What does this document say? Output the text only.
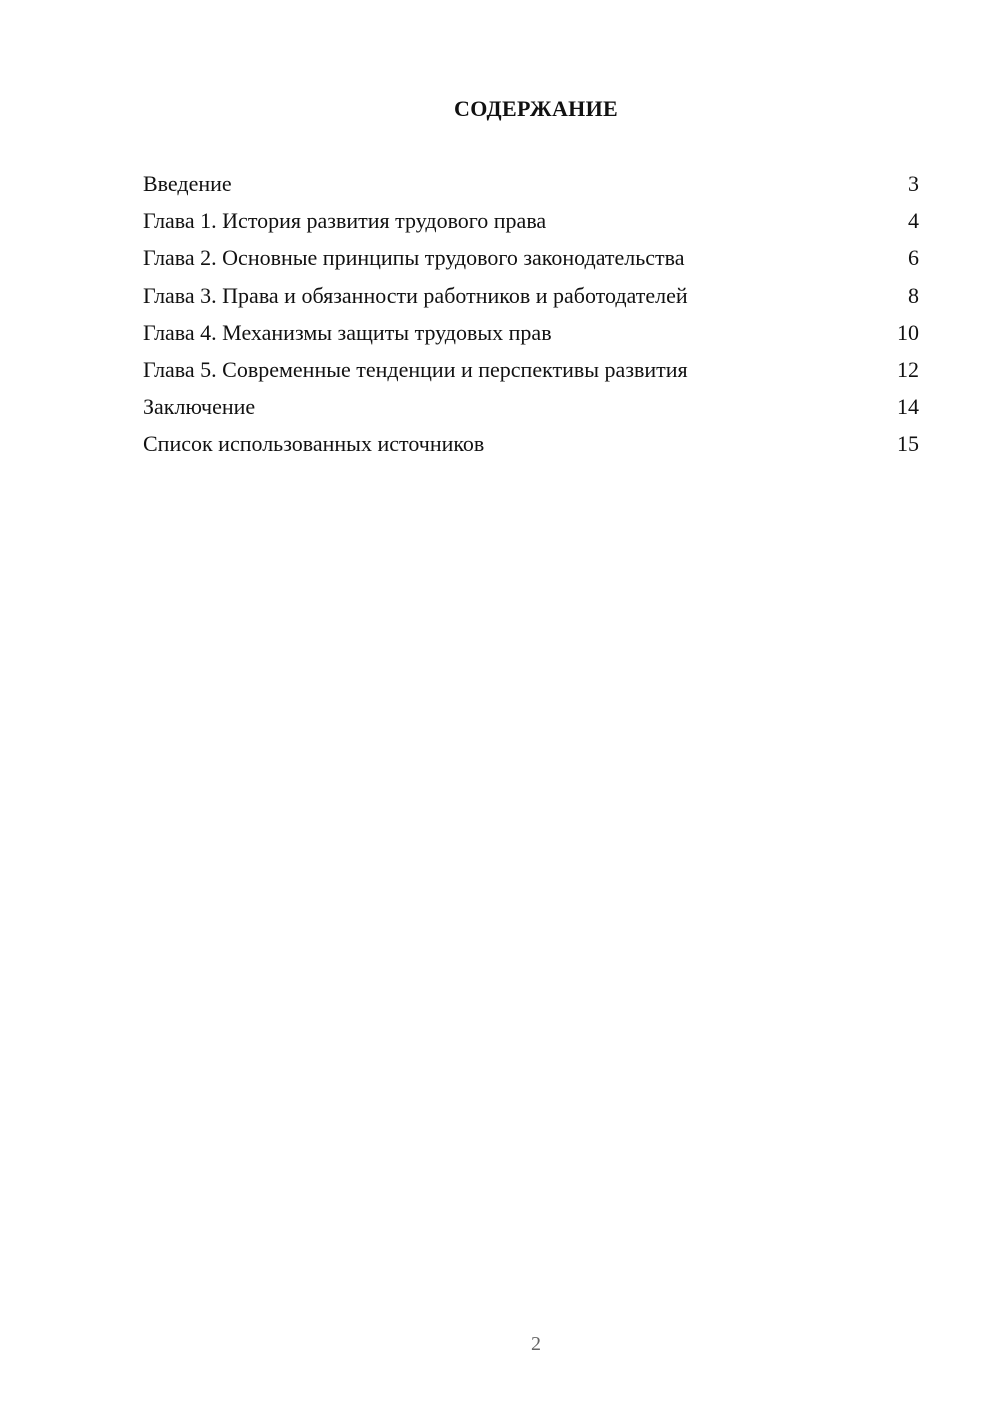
СОДЕРЖАНИЕ
Введение	3
Глава 1. История развития трудового права	4
Глава 2. Основные принципы трудового законодательства	6
Глава 3. Права и обязанности работников и работодателей	8
Глава 4. Механизмы защиты трудовых прав	10
Глава 5. Современные тенденции и перспективы развития	12
Заключение	14
Список использованных источников	15
2
